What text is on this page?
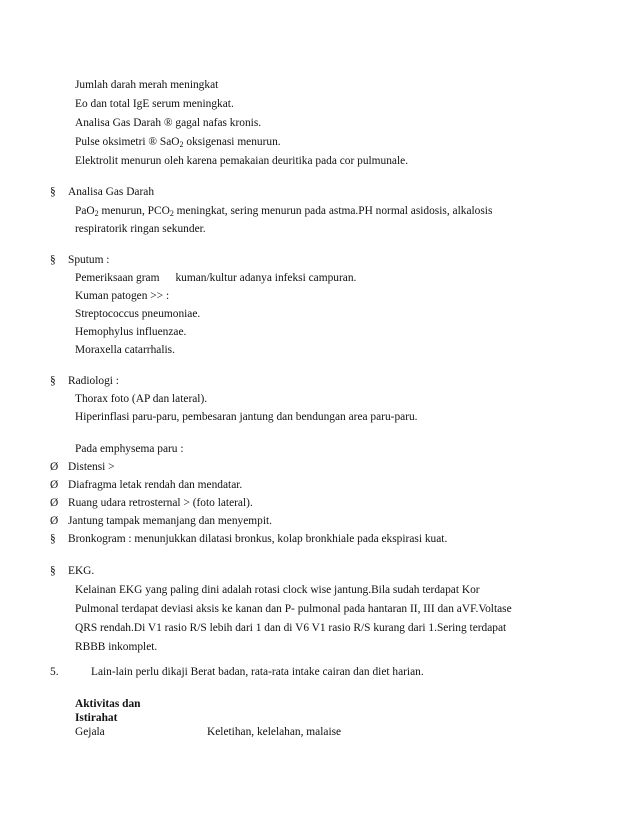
Jumlah darah merah meningkat
Eo dan total IgE serum meningkat.
Analisa Gas Darah ® gagal nafas kronis.
Pulse oksimetri ® SaO$_2$ oksigenasi menurun.
Elektrolit menurun oleh karena pemakaian deuritika pada cor pulmunale.
§ Analisa Gas Darah
PaO$_2$ menurun, $PCO_2$ meningkat, sering menurun pada astma.PH normal asidosis, alkalosis
respiratorik ringan sekunder.
§ Sputum :
Pemeriksaan gram kuman/kultur adanya infeksi campuran.
Kuman patogen >> :
Streptococcus pneumoniae.
Hemophylus influenzae.
Moraxella catarrhalis.
§ Radiologi :
Thorax foto (AP dan lateral).
Hiperinflasi paru-paru, pembesaran jantung dan bendungan area paru-paru.
Pada emphysema paru :
Ø Distensi >
Ø Diafragma letak rendah dan mendatar.
Ø Ruang udara retrosternal > (foto lateral).
Ø Jantung tampak memanjang dan menyempit.
§ Bronkogram : menunjukkan dilatasi bronkus, kolap bronkhiale pada ekspirasi kuat.
§ EKG.
Kelainan EKG yang paling dini adalah rotasi clock wise jantung.Bila sudah terdapat Kor
Pulmonal terdapat deviasi aksis ke kanan dan P- pulmonal pada hantaran II, III dan aVF.Voltase
QRS rendah.Di V1 rasio R/S lebih dari 1 dan di V6 V1 rasio R/S kurang dari 1.Sering terdapat
RBBB inkomplet.
5.	Lain-lain perlu dikaji Berat badan, rata-rata intake cairan dan diet harian.
Aktivitas dan
Istirahat
Gejala	Keletihan, kelelahan, malaise
